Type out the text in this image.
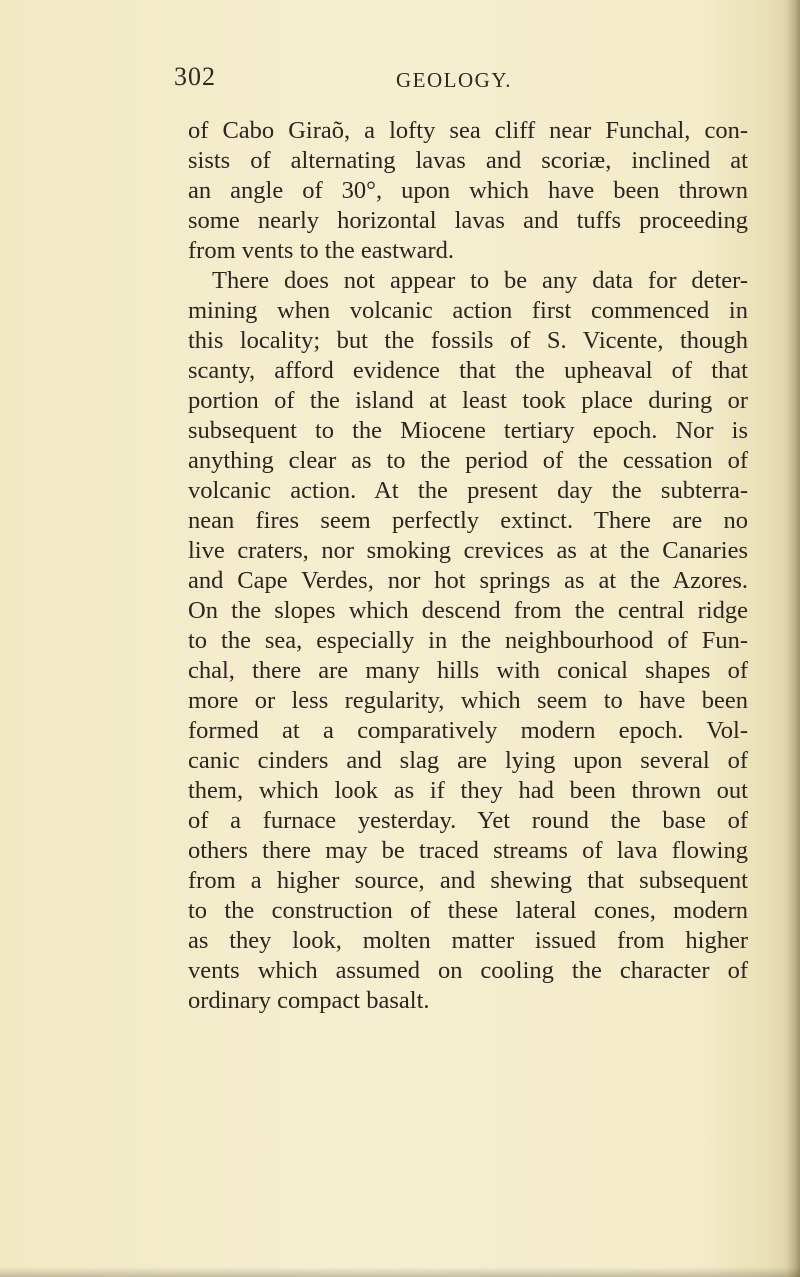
302	GEOLOGY.
of Cabo Giraõ, a lofty sea cliff near Funchal, con-
sists of alternating lavas and scoriæ, inclined at
an angle of 30°, upon which have been thrown
some nearly horizontal lavas and tuffs proceeding
from vents to the eastward.
There does not appear to be any data for deter-
mining when volcanic action first commenced in
this locality; but the fossils of S. Vicente, though
scanty, afford evidence that the upheaval of that
portion of the island at least took place during or
subsequent to the Miocene tertiary epoch. Nor is
anything clear as to the period of the cessation of
volcanic action. At the present day the subterra-
nean fires seem perfectly extinct. There are no
live craters, nor smoking crevices as at the Canaries
and Cape Verdes, nor hot springs as at the Azores.
On the slopes which descend from the central ridge
to the sea, especially in the neighbourhood of Fun-
chal, there are many hills with conical shapes of
more or less regularity, which seem to have been
formed at a comparatively modern epoch. Vol-
canic cinders and slag are lying upon several of
them, which look as if they had been thrown out
of a furnace yesterday. Yet round the base of
others there may be traced streams of lava flowing
from a higher source, and shewing that subsequent
to the construction of these lateral cones, modern
as they look, molten matter issued from higher
vents which assumed on cooling the character of
ordinary compact basalt.
